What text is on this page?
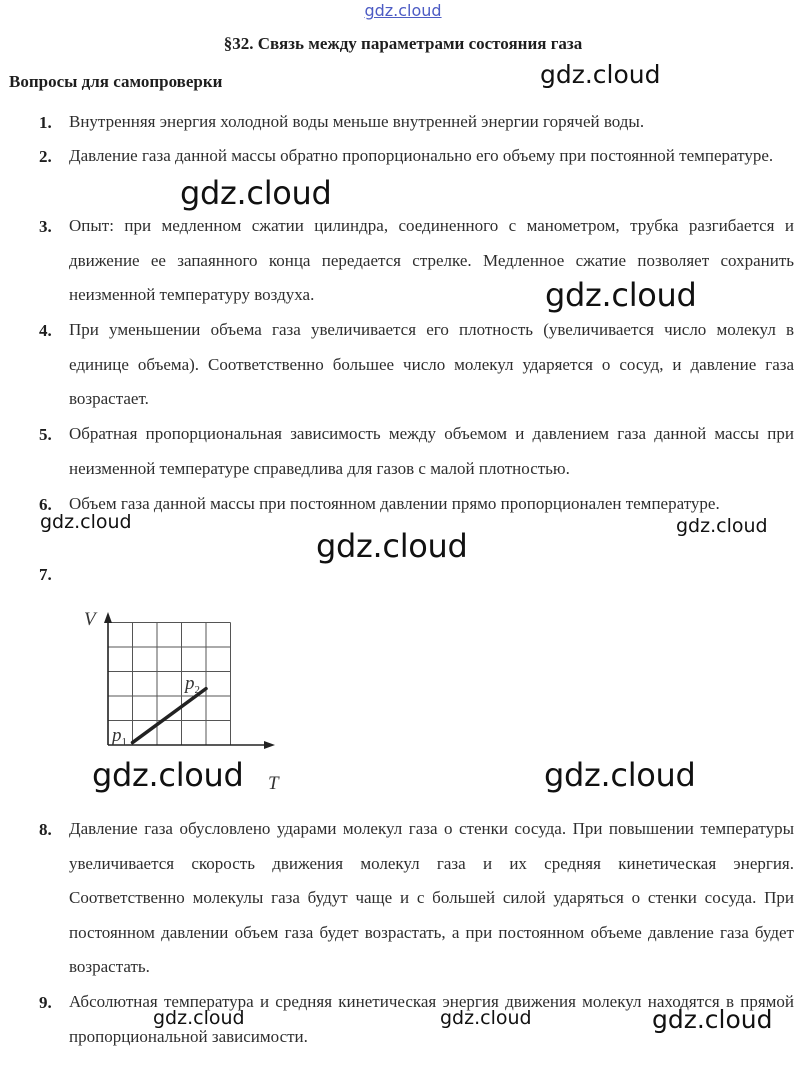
gdz.cloud
§32. Связь между параметрами состояния газа
Вопросы для самопроверки
1.	Внутренняя энергия холодной воды меньше внутренней энергии горячей воды.
2.	Давление газа данной массы обратно пропорционально его объему при постоянной температуре.
3.	Опыт: при медленном сжатии цилиндра, соединенного с манометром, трубка разгибается и движение ее запаянного конца передается стрелке. Медленное сжатие позволяет сохранить неизменной температуру воздуха.
4.	При уменьшении объема газа увеличивается его плотность (увеличивается число молекул в единице объема). Соответственно большее число молекул ударяется о сосуд, и давление газа возрастает.
5.	Обратная пропорциональная зависимость между объемом и давлением газа данной массы при неизменной температуре справедлива для газов с малой плотностью.
6.	Объем газа данной массы при постоянном давлении прямо пропорционален температуре.
7.
V
T
$p_1$
$p_2$
8.	Давление газа обусловлено ударами молекул газа о стенки сосуда. При повышении температуры увеличивается скорость движения молекул газа и их средняя кинетическая энергия. Соответственно молекулы газа будут чаще и с большей силой ударяться о стенки сосуда. При постоянном давлении объем газа будет возрастать, а при постоянном объеме давление газа будет возрастать.
9.	Абсолютная температура и средняя кинетическая энергия движения молекул находятся в прямой пропорциональной зависимости.
gdz.cloud
gdz.cloud
gdz.cloud
gdz.cloud	gdz.cloud
gdz.cloud
gdz.cloud	gdz.cloud
gdz.cloud	gdz.cloud	gdz.cloud
